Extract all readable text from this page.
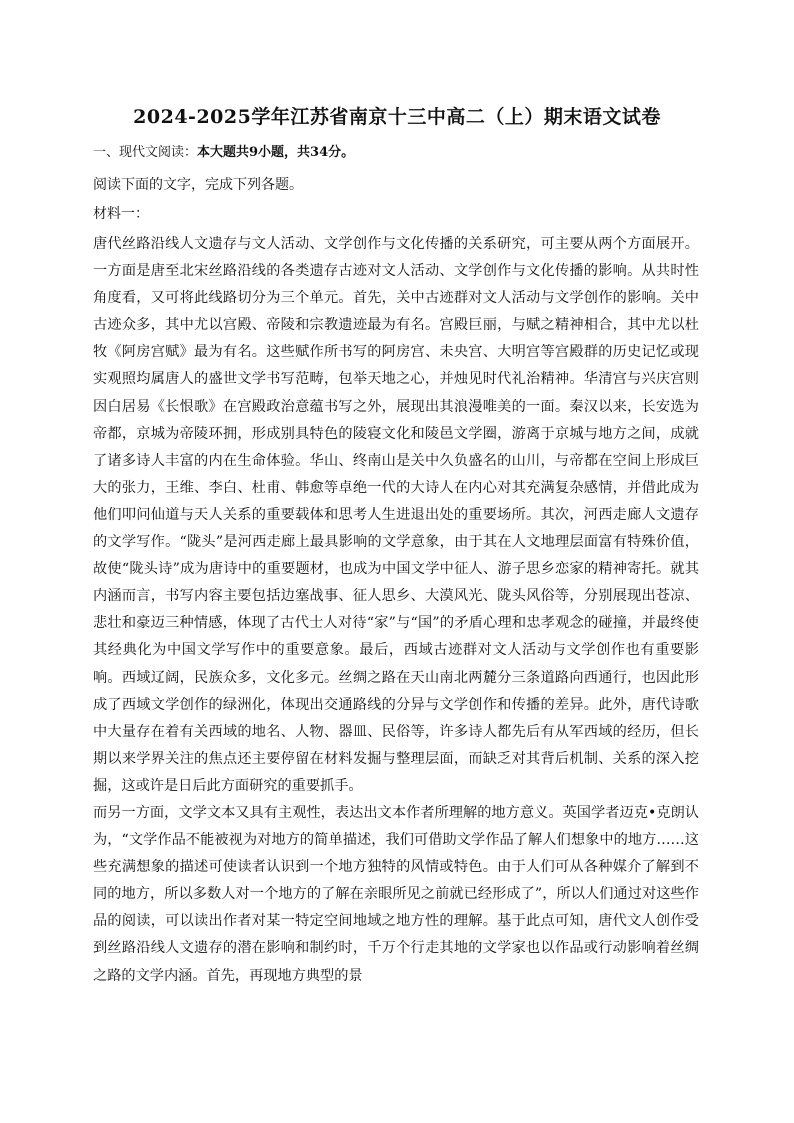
2024-2025学年江苏省南京十三中高二（上）期末语文试卷
一、现代文阅读：本大题共9小题，共34分。
阅读下面的文字，完成下列各题。
材料一：

唐代丝路沿线人文遗存与文人活动、文学创作与文化传播的关系研究，可主要从两个方面展开。一方面是唐至北宋丝路沿线的各类遗存古迹对文人活动、文学创作与文化传播的影响。从共时性角度看，又可将此线路切分为三个单元。首先，关中古迹群对文人活动与文学创作的影响。关中古迹众多，其中尤以宫殿、帝陵和宗教遗迹最为有名。宫殿巨丽，与赋之精神相合，其中尤以杜牧《阿房宫赋》最为有名。这些赋作所书写的阿房宫、未央宫、大明宫等宫殿群的历史记忆或现实观照均属唐人的盛世文学书写范畴，包举天地之心，并烛见时代礼治精神。华清宫与兴庆宫则因白居易《长恨歌》在宫殿政治意蕴书写之外，展现出其浪漫唯美的一面。秦汉以来，长安选为帝都，京城为帝陵环拥，形成别具特色的陵寝文化和陵邑文学圈，游离于京城与地方之间，成就了诸多诗人丰富的内在生命体验。华山、终南山是关中久负盛名的山川，与帝都在空间上形成巨大的张力，王维、李白、杜甫、韩愈等卓绝一代的大诗人在内心对其充满复杂感情，并借此成为他们叩问仙道与天人关系的重要载体和思考人生进退出处的重要场所。其次，河西走廊人文遗存的文学写作。“陇头”是河西走廊上最具影响的文学意象，由于其在人文地理层面富有特殊价值，故使“陇头诗”成为唐诗中的重要题材，也成为中国文学中征人、游子思乡恋家的精神寄托。就其内涵而言，书写内容主要包括边塞战事、征人思乡、大漠风光、陇头风俗等，分别展现出苍凉、悲壮和豪迈三种情感，体现了古代士人对待“家”与“国”的矛盾心理和忠孝观念的碰撞，并最终使其经典化为中国文学写作中的重要意象。最后，西域古迹群对文人活动与文学创作也有重要影响。西域辽阔，民族众多，文化多元。丝绸之路在天山南北两麓分三条道路向西通行，也因此形成了西域文学创作的绿洲化，体现出交通路线的分异与文学创作和传播的差异。此外，唐代诗歌中大量存在着有关西域的地名、人物、器皿、民俗等，许多诗人都先后有从军西域的经历，但长期以来学界关注的焦点还主要停留在材料发掘与整理层面，而缺乏对其背后机制、关系的深入挖掘，这或许是日后此方面研究的重要抓手。

而另一方面，文学文本又具有主观性，表达出文本作者所理解的地方意义。英国学者迈克•克朗认为，“文学作品不能被视为对地方的简单描述，我们可借助文学作品了解人们想象中的地方……这些充满想象的描述可使读者认识到一个地方独特的风情或特色。由于人们可从各种媒介了解到不同的地方，所以多数人对一个地方的了解在亲眼所见之前就已经形成了”，所以人们通过对这些作品的阅读，可以读出作者对某一特定空间地域之地方性的理解。基于此点可知，唐代文人创作受到丝路沿线人文遗存的潜在影响和制约时，千万个行走其地的文学家也以作品或行动影响着丝绸之路的文学内涵。首先，再现地方典型的景
